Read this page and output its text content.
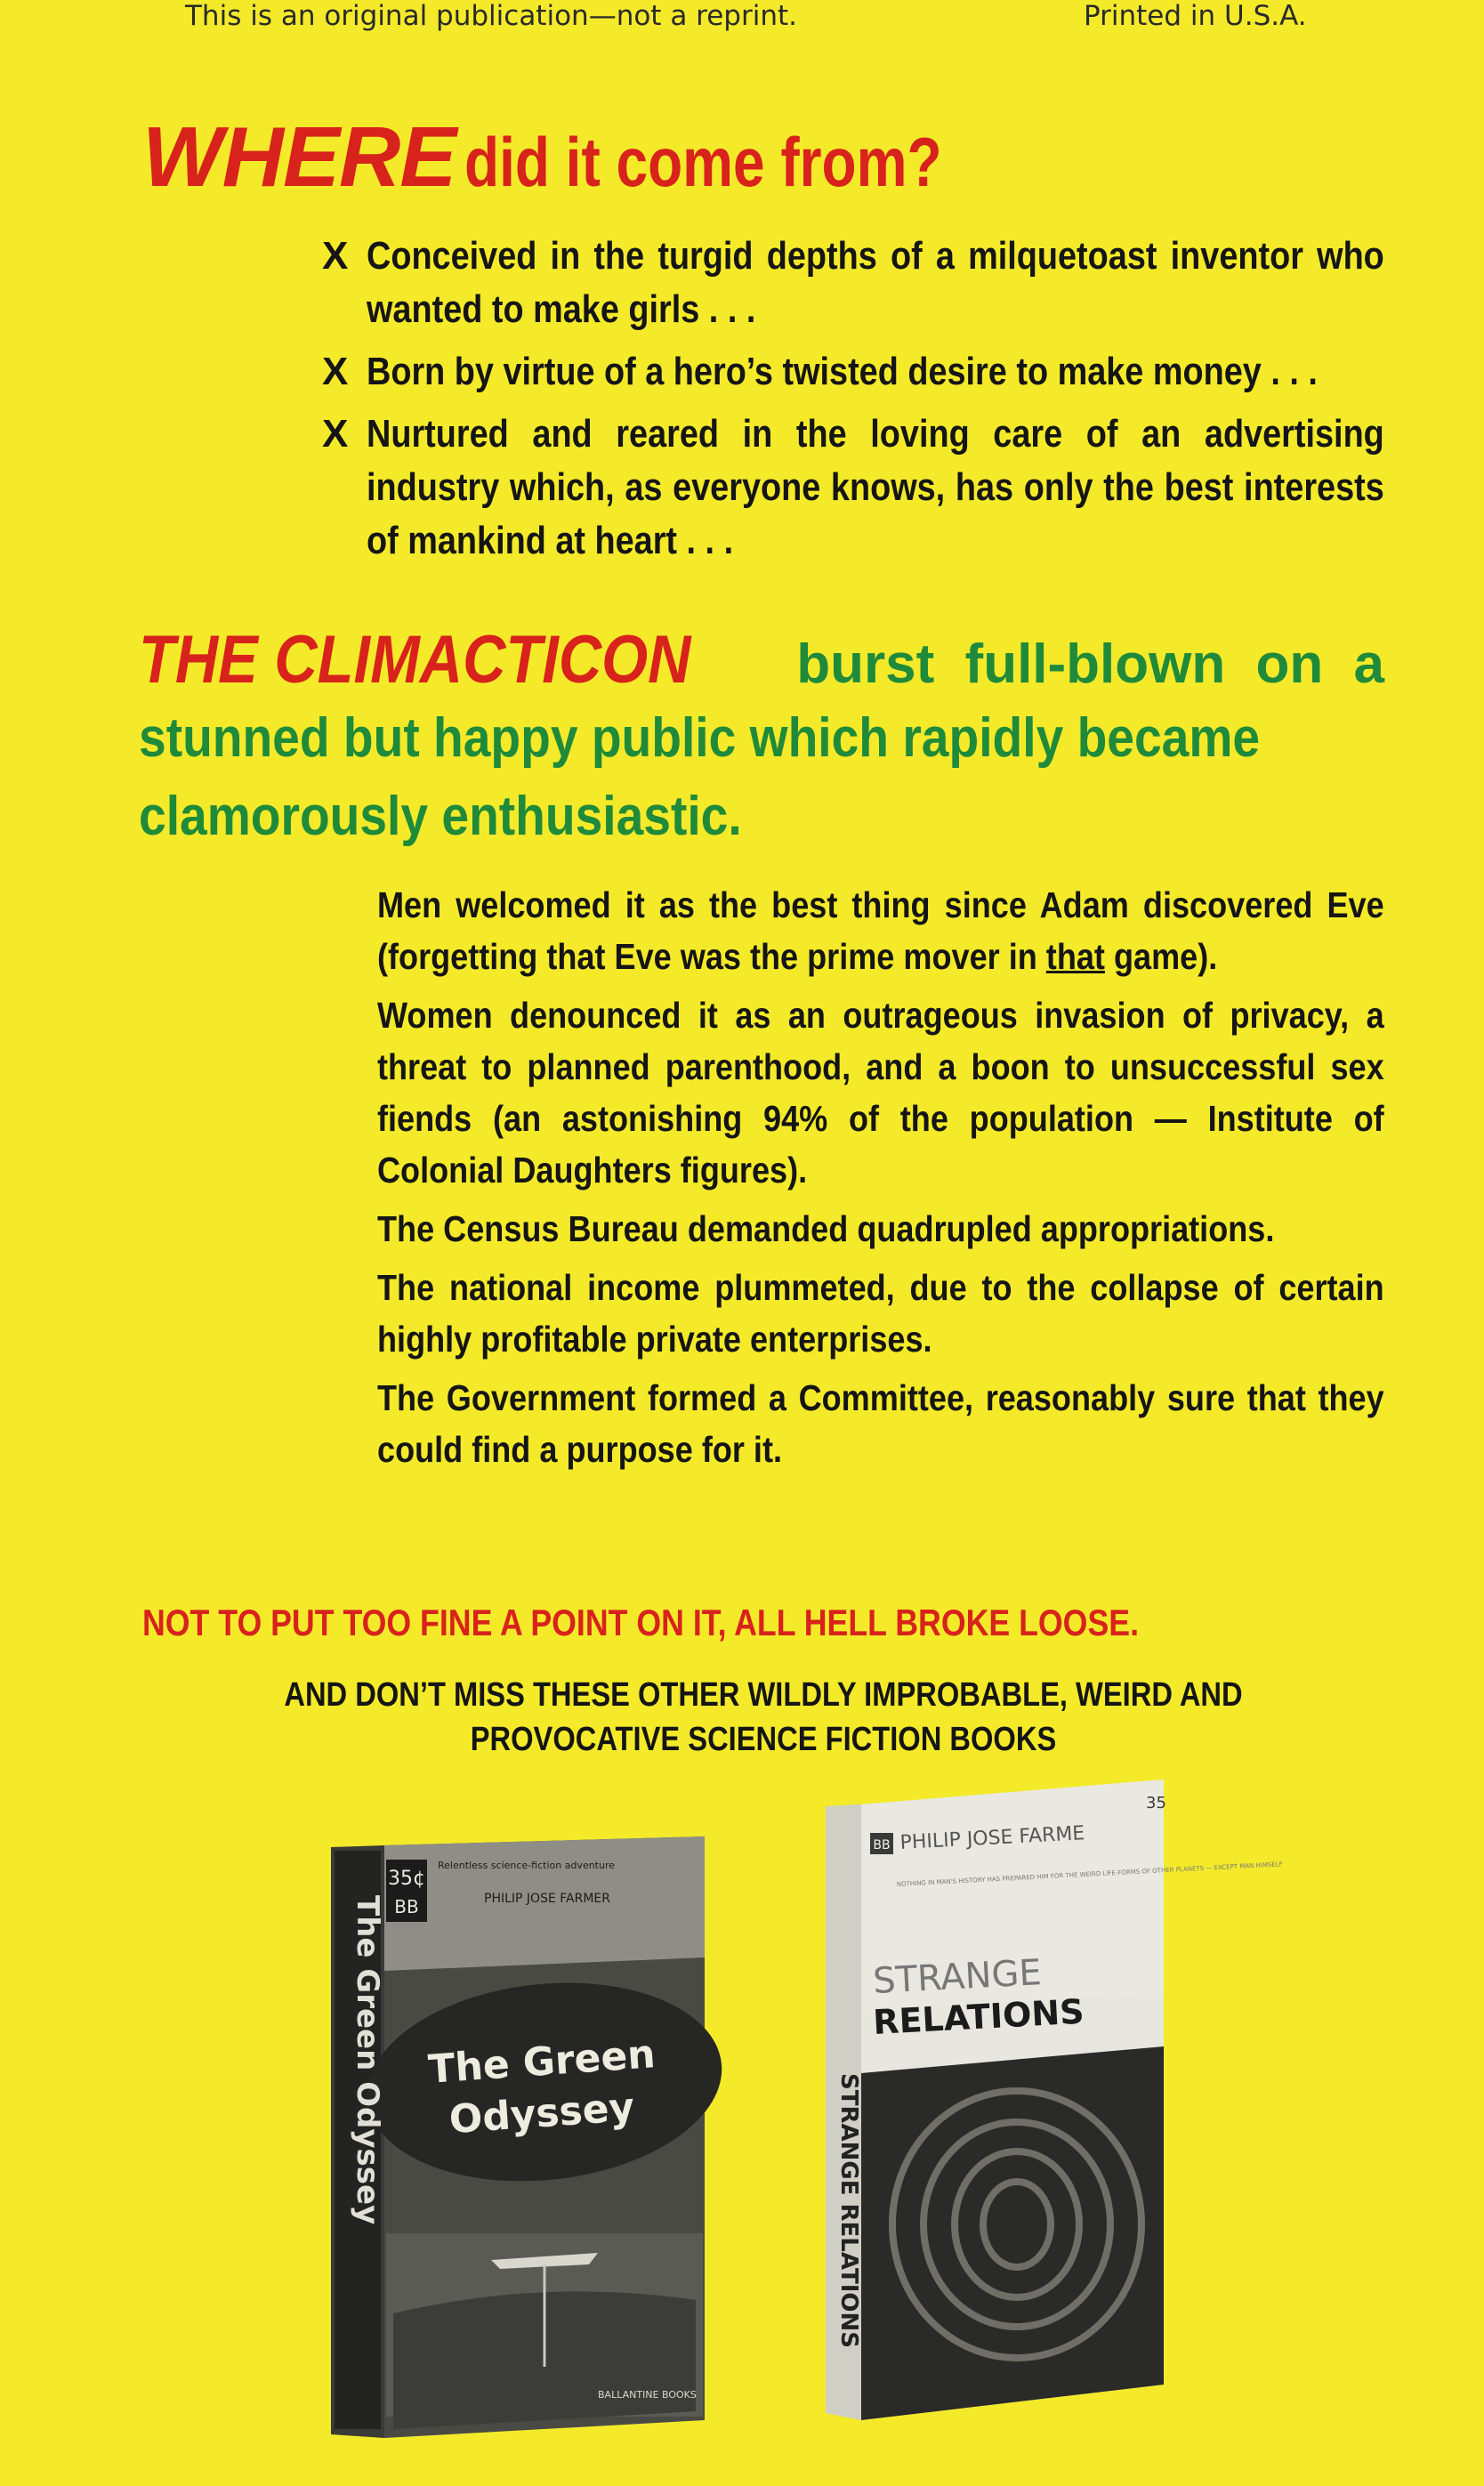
This is an original publication—not a reprint.	Printed in U.S.A.
WHERE did it come from?
X Conceived in the turgid depths of a milquetoast inventor who wanted to make girls . . .
X Born by virtue of a hero’s twisted desire to make money . . .
X Nurtured and reared in the loving care of an advertising industry which, as everyone knows, has only the best interests of mankind at heart . . .
THE CLIMACTICON burst full-blown on a
stunned but happy public which rapidly became
clamorously enthusiastic.
Men welcomed it as the best thing since Adam discovered Eve (forgetting that Eve was the prime mover in that game).
Women denounced it as an outrageous invasion of privacy, a threat to planned parenthood, and a boon to unsuccessful sex fiends (an astonishing 94% of the population — Institute of Colonial Daughters figures).
The Census Bureau demanded quadrupled appropriations.
The national income plummeted, due to the collapse of certain highly profitable private enterprises.
The Government formed a Committee, reasonably sure that they could find a purpose for it.
NOT TO PUT TOO FINE A POINT ON IT, ALL HELL BROKE LOOSE.
AND DON’T MISS THESE OTHER WILDLY IMPROBABLE, WEIRD AND
PROVOCATIVE SCIENCE FICTION BOOKS
35¢
BB
Relentless science-fiction adventure
PHILIP JOSE FARMER
The Green
Odyssey
The Green Odyssey
BALLANTINE BOOKS
BB
35
PHILIP JOSE FARME
NOTHING IN MAN'S HISTORY HAS PREPARED HIM FOR THE WEIRD LIFE-FORMS OF OTHER PLANETS — EXCEPT MAN HIMSELF
STRANGE
RELATIONS
STRANGE RELATIONS
